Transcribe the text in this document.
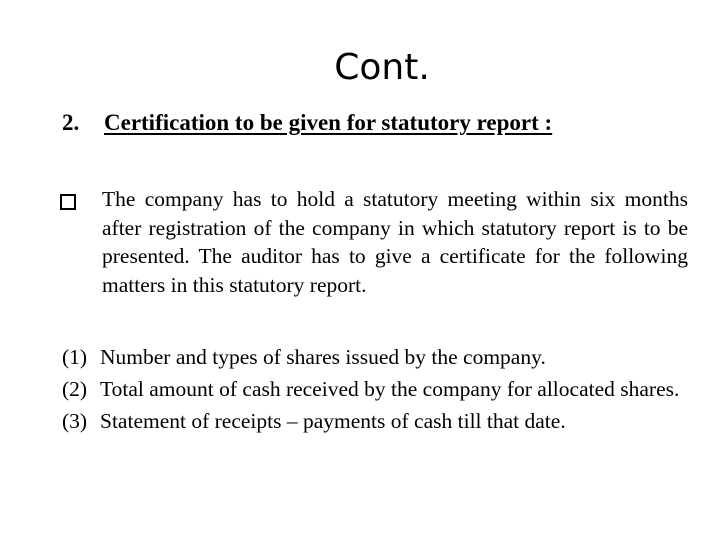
Cont.
2. Certification to be given for statutory report :
The company has to hold a statutory meeting within six months after registration of the company in which statutory report is to be presented. The auditor has to give a certificate for the following matters in this statutory report.
(1) Number and types of shares issued by the company.
(2) Total amount of cash received by the company for allocated shares.
(3) Statement of receipts – payments of cash till that date.
